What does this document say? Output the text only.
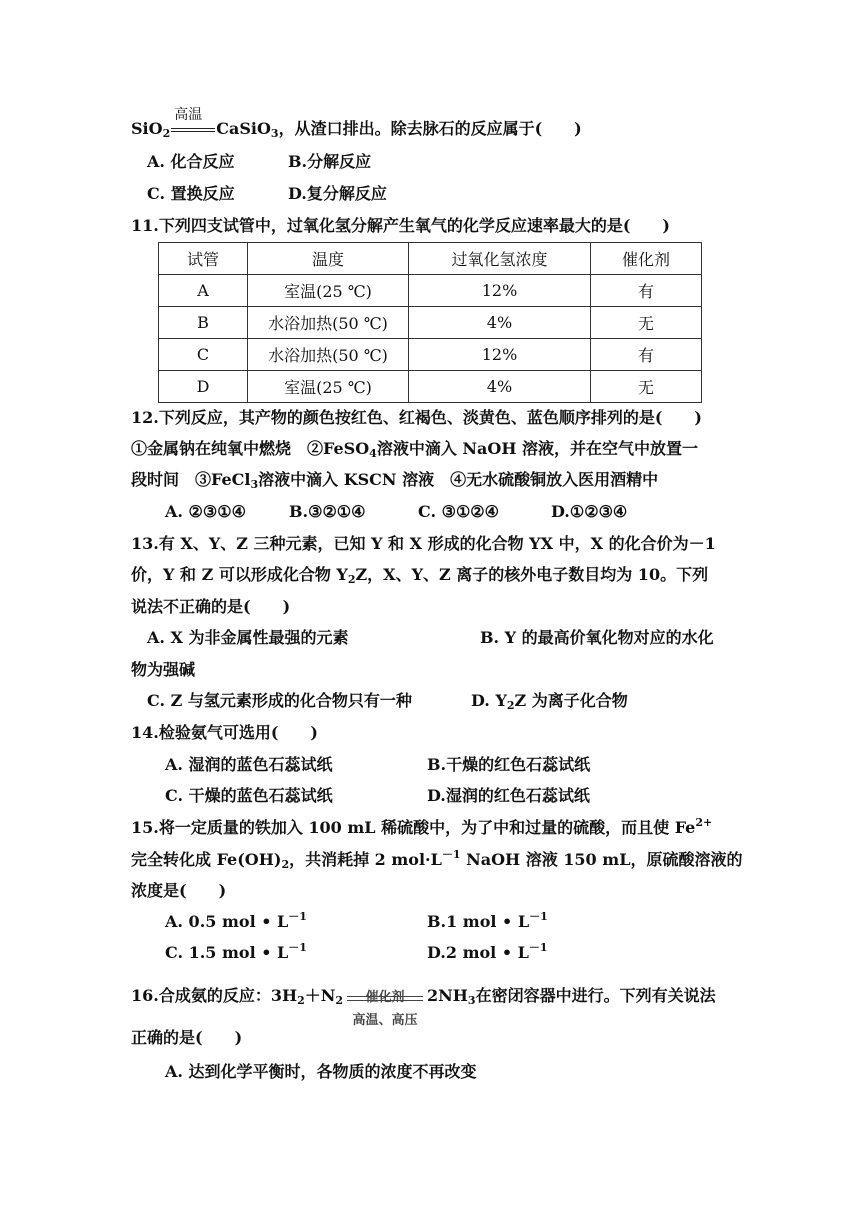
SiO$_2$
高温
CaSiO$_3$，从渣口排出。除去脉石的反应属于(　　)
A. 化合反应	B.分解反应
C. 置换反应	D.复分解反应
11.下列四支试管中，过氧化氢分解产生氧气的化学反应速率最大的是(　　)
试管	温度	过氧化氢浓度	催化剂
A	室温(25 ℃)	12%	有
B	水浴加热(50 ℃)	4%	无
C	水浴加热(50 ℃)	12%	有
D	室温(25 ℃)	4%	无
12.下列反应，其产物的颜色按红色、红褐色、淡黄色、蓝色顺序排列的是(　　)
①金属钠在纯氧中燃烧　②FeSO$_4$溶液中滴入 NaOH 溶液，并在空气中放置一
段时间　③FeCl$_3$溶液中滴入 KSCN 溶液　④无水硫酸铜放入医用酒精中
A. ②③①④	B.③②①④	C. ③①②④	D.①②③④
13.有 X、Y、Z 三种元素，已知 Y 和 X 形成的化合物 YX 中，X 的化合价为－1
价，Y 和 Z 可以形成化合物 $Y_2Z$，X、Y、Z 离子的核外电子数目均为 10。下列
说法不正确的是(　　)
A. X 为非金属性最强的元素	B. Y 的最高价氧化物对应的水化
物为强碱
C. Z 与氢元素形成的化合物只有一种	D. $Y_2Z$ 为离子化合物
14.检验氨气可选用(　　)
A. 湿润的蓝色石蕊试纸	B.干燥的红色石蕊试纸
C. 干燥的蓝色石蕊试纸	D.湿润的红色石蕊试纸
15.将一定质量的铁加入 100 mL 稀硫酸中，为了中和过量的硫酸，而且使 $Fe^{2+}$
完全转化成 $Fe(OH)_2$，共消耗掉 2 $mol\cdot L^{-1}$ NaOH 溶液 150 mL，原硫酸溶液的
浓度是(　　)
A. 0.5 mol • $L^{-1}$	B.1 mol • $L^{-1}$
C. 1.5 mol • $L^{-1}$	D.2 mol • $L^{-1}$
16.合成氨的反应：$3H_2+N_2$	催化剂
高温、高压
$2NH_3$在密闭容器中进行。下列有关说法
正确的是(　　)
A. 达到化学平衡时，各物质的浓度不再改变
